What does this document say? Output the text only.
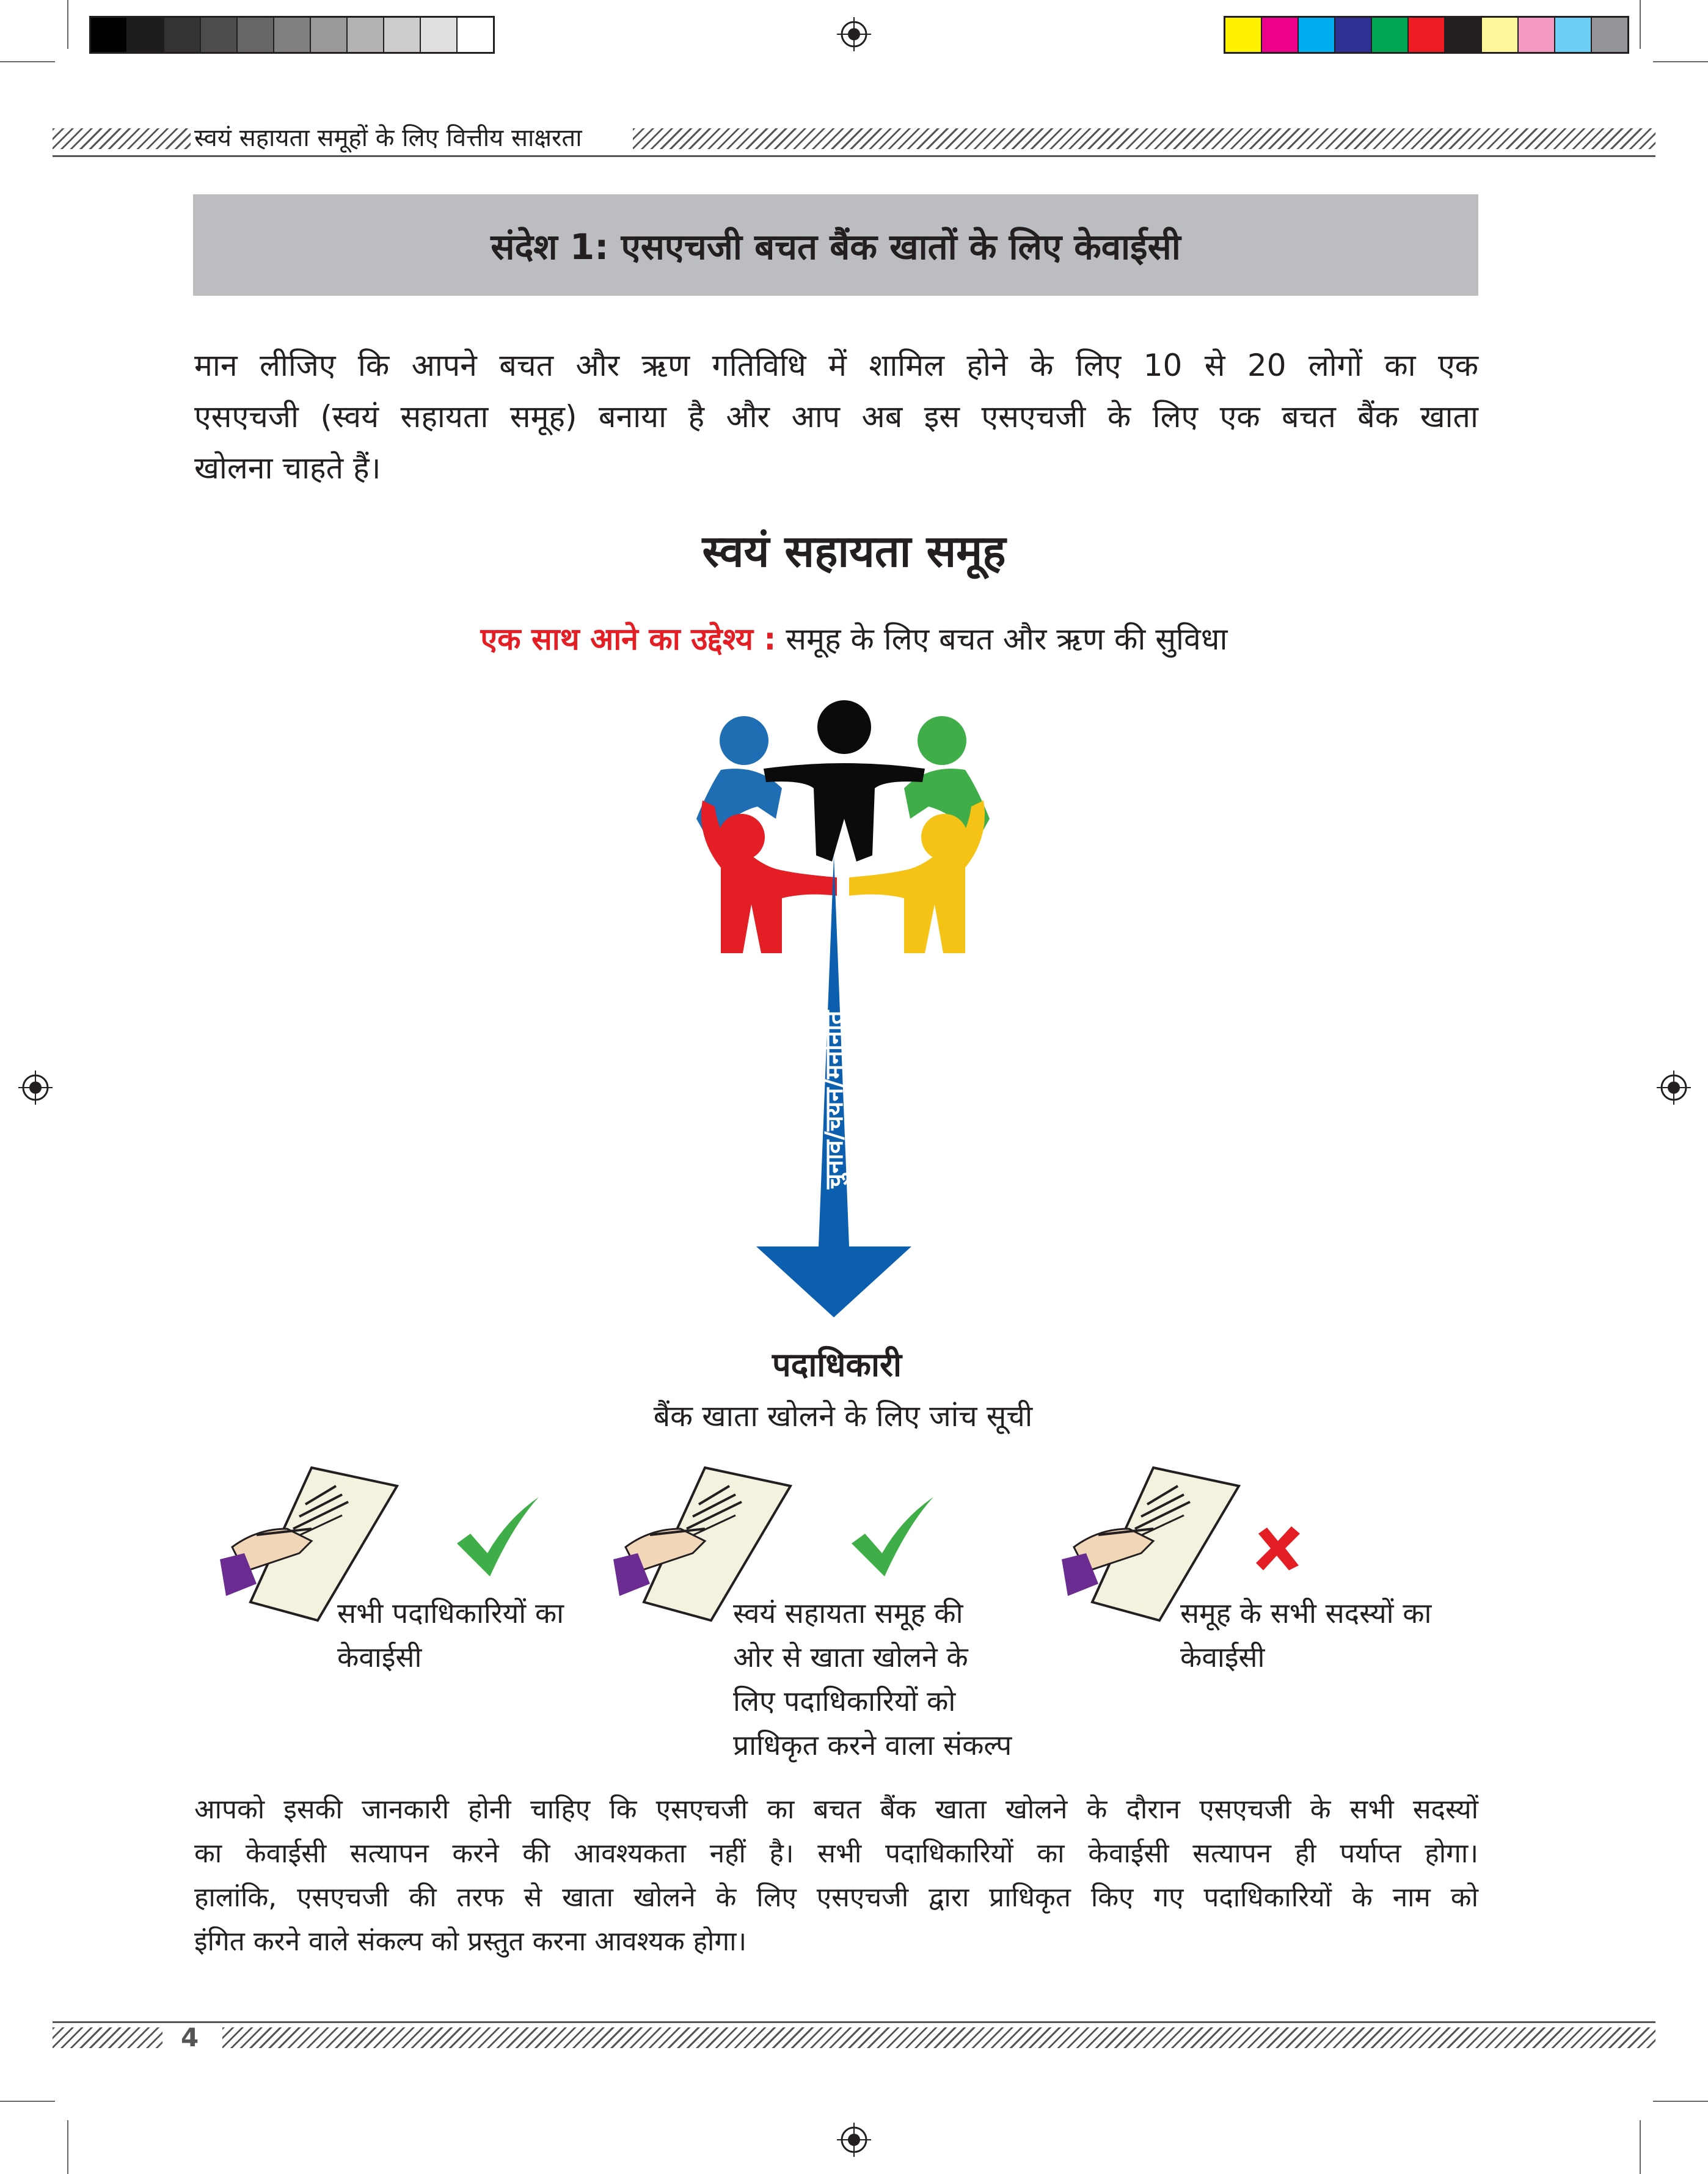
स्वयं सहायता समूहों के लिए वित्तीय साक्षरता
संदेश 1: एसएचजी बचत बैंक खातों के लिए केवाईसी
मान लीजिए कि आपने बचत और ऋण गतिविधि में शामिल होने के लिए 10 से 20 लोगों का एक
एसएचजी (स्वयं सहायता समूह) बनाया है और आप अब इस एसएचजी के लिए एक बचत बैंक खाता
खोलना चाहते हैं।
स्वयं सहायता समूह
एक साथ आने का उद्देश्य : समूह के लिए बचत और ऋण की सुविधा
चुनाव/चयन/मनोनीत
पदाधिकारी
बैंक खाता खोलने के लिए जांच सूची
सभी पदाधिकारियों का
केवाईसी
स्वयं सहायता समूह की
ओर से खाता खोलने के
लिए पदाधिकारियों को
प्राधिकृत करने वाला संकल्प
समूह के सभी सदस्यों का
केवाईसी
आपको इसकी जानकारी होनी चाहिए कि एसएचजी का बचत बैंक खाता खोलने के दौरान एसएचजी के सभी सदस्यों
का केवाईसी सत्यापन करने की आवश्यकता नहीं है। सभी पदाधिकारियों का केवाईसी सत्यापन ही पर्याप्त होगा।
हालांकि, एसएचजी की तरफ से खाता खोलने के लिए एसएचजी द्वारा प्राधिकृत किए गए पदाधिकारियों के नाम को
इंगित करने वाले संकल्प को प्रस्तुत करना आवश्यक होगा।
4
